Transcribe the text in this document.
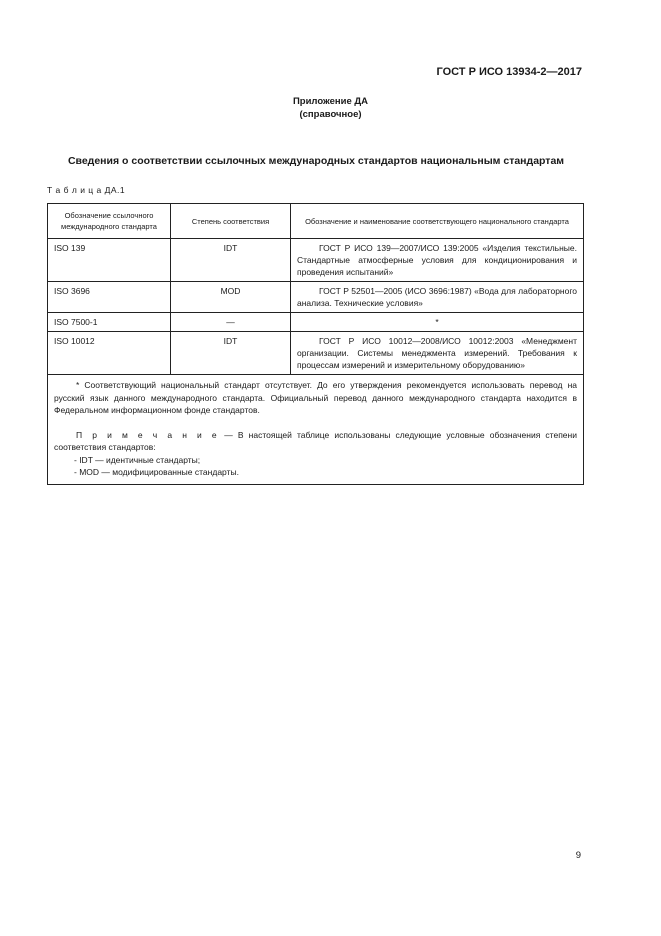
ГОСТ Р ИСО 13934-2—2017
Приложение ДА
(справочное)
Сведения о соответствии ссылочных международных стандартов национальным стандартам
Т а б л и ц а ДА.1
Обозначение ссылочного международного стандарта	Степень соответствия	Обозначение и наименование соответствующего национального стандарта
ISO 139	IDT	ГОСТ Р ИСО 139—2007/ИСО 139:2005 «Изделия текстильные. Стандартные атмосферные условия для кондиционирования и проведения испытаний»

ISO 3696	MOD	ГОСТ Р 52501—2005 (ИСО 3696:1987) «Вода для лабораторного анализа. Технические условия»

ISO 7500-1	—	*
ISO 10012	IDT	ГОСТ Р ИСО 10012—2008/ИСО 10012:2003 «Менеджмент организации. Системы менеджмента измерений. Требования к процессам измерений и измерительному оборудованию»

* Соответствующий национальный стандарт отсутствует. До его утверждения рекомендуется использовать перевод на русский язык данного международного стандарта. Официальный перевод данного международного стандарта находится в Федеральном информационном фонде стандартов.
П р и м е ч а н и е — В настоящей таблице использованы следующие условные обозначения степени соответствия стандартов:
- IDT — идентичные стандарты;
- MOD — модифицированные стандарты.		
9
